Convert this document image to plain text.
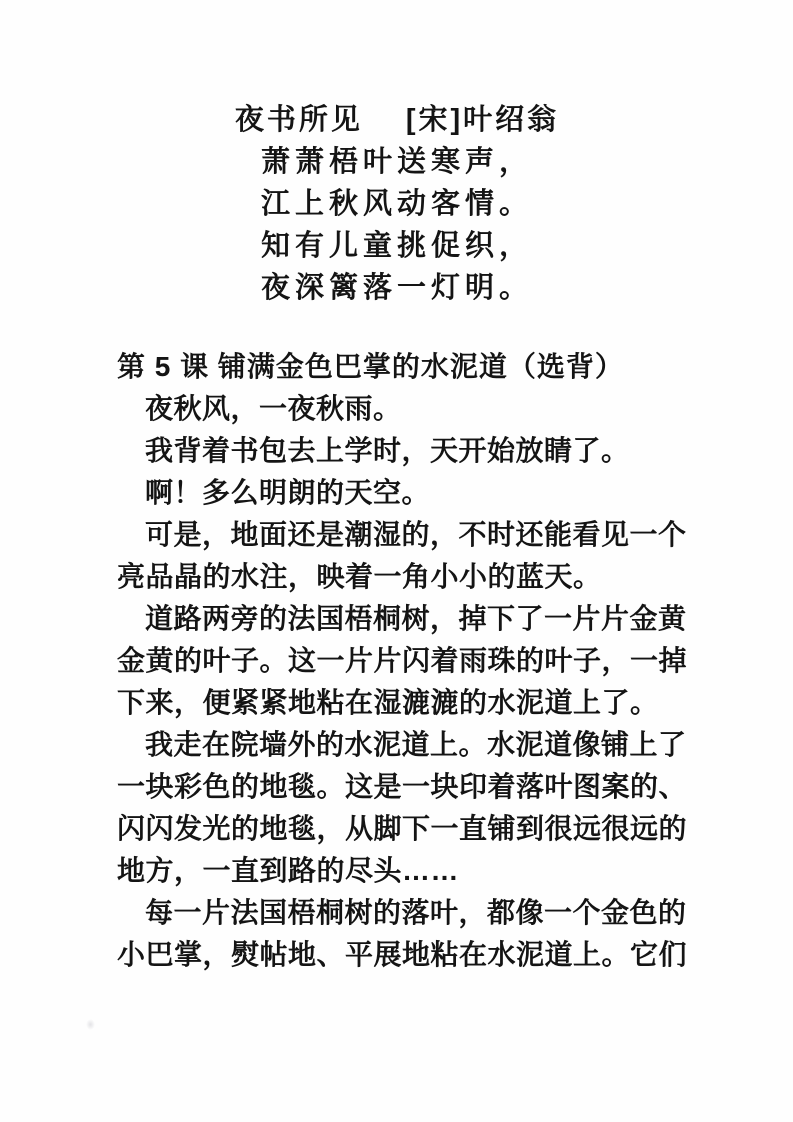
夜书所见　 [宋]叶绍翁
萧萧梧叶送寒声，
江上秋风动客情。
知有儿童挑促织，
夜深篱落一灯明。
第 5 课 铺满金色巴掌的水泥道（选背）
夜秋风，一夜秋雨。
我背着书包去上学时，天开始放睛了。
啊！多么明朗的天空。
可是，地面还是潮湿的，不时还能看见一个
亮品晶的水注，映着一角小小的蓝天。
道路两旁的法国梧桐树，掉下了一片片金黄
金黄的叶子。这一片片闪着雨珠的叶子，一掉
下来，便紧紧地粘在湿漉漉的水泥道上了。
我走在院墙外的水泥道上。水泥道像铺上了
一块彩色的地毯。这是一块印着落叶图案的、
闪闪发光的地毯，从脚下一直铺到很远很远的
地方，一直到路的尽头……
每一片法国梧桐树的落叶，都像一个金色的
小巴掌，熨帖地、平展地粘在水泥道上。它们
